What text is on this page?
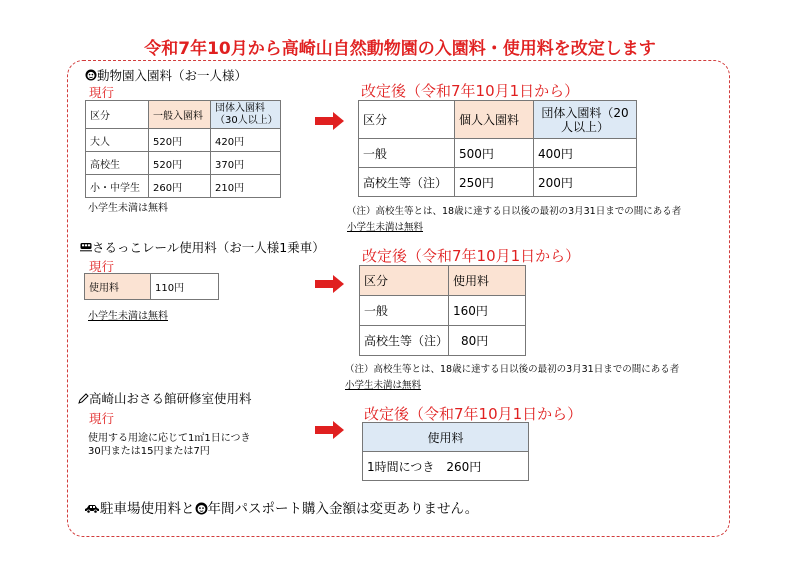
令和7年10月から高崎山自然動物園の入園料・使用料を改定します
動物園入園料（お一人様）
現行
区分	一般入園料	団体入園料（30人以上）
大人	520円	420円
高校生	520円	370円
小・中学生	260円	210円
小学生未満は無料
改定後（令和7年10月1日から）
区分	個人入園料	団体入園料（20人以上）
一般	500円	400円
高校生等（注）	250円	200円
（注）高校生等とは、18歳に達する日以後の最初の3月31日までの間にある者
小学生未満は無料
さるっこレール使用料（お一人様1乗車）
現行
使用料	110円
小学生未満は無料
改定後（令和7年10月1日から）
区分	使用料
一般	160円
高校生等（注）	80円
（注）高校生等とは、18歳に達する日以後の最初の3月31日までの間にある者
小学生未満は無料
高崎山おさる館研修室使用料
現行
使用する用途に応じて1㎡1日につき
30円または15円または7円
改定後（令和7年10月1日から）
使用料
1時間につき　260円
駐車場使用料と 年間パスポート購入金額は変更ありません。
